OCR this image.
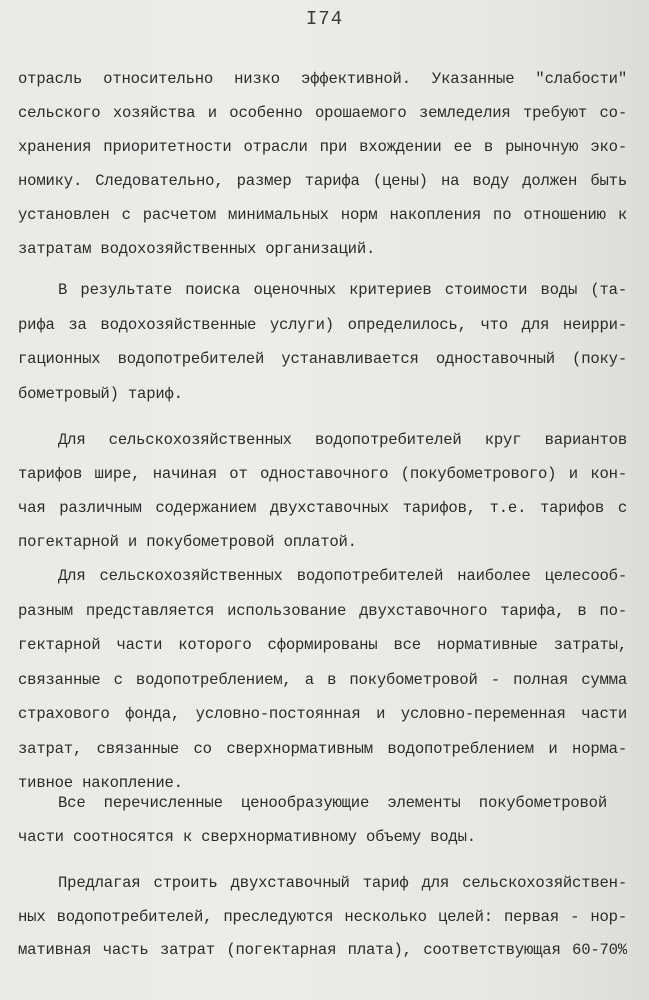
I74
отрасль относительно низко эффективной. Указанные "слабости"
сельского хозяйства и особенно орошаемого земледелия требуют со-
хранения приоритетности отрасли при вхождении ее в рыночную эко-
номику. Следовательно, размер тарифа (цены) на воду должен быть
установлен с расчетом минимальных норм накопления по отношению к
затратам водохозяйственных организаций.
В результате поиска оценочных критериев стоимости воды (та-
рифа за водохозяйственные услуги) определилось, что для неирри-
гационных водопотребителей устанавливается одноставочный (поку-
бометровый) тариф.
Для сельскохозяйственных водопотребителей круг вариантов
тарифов шире, начиная от одноставочного (покубометрового) и кон-
чая различным содержанием двухставочных тарифов, т.е. тарифов с
погектарной и покубометровой оплатой.
Для сельскохозяйственных водопотребителей наиболее целесооб-
разным представляется использование двухставочного тарифа, в по-
гектарной части которого сформированы все нормативные затраты,
связанные с водопотреблением, а в покубометровой - полная сумма
страхового фонда, условно-постоянная и условно-переменная части
затрат, связанные со сверхнормативным водопотреблением и норма-
тивное накопление.
Все перечисленные ценообразующие элементы покубометровой
части соотносятся к сверхнормативному объему воды.
Предлагая строить двухставочный тариф для сельскохозяйствен-
ных водопотребителей, преследуются несколько целей: первая - нор-
мативная часть затрат (погектарная плата), соответствующая 60-70%
